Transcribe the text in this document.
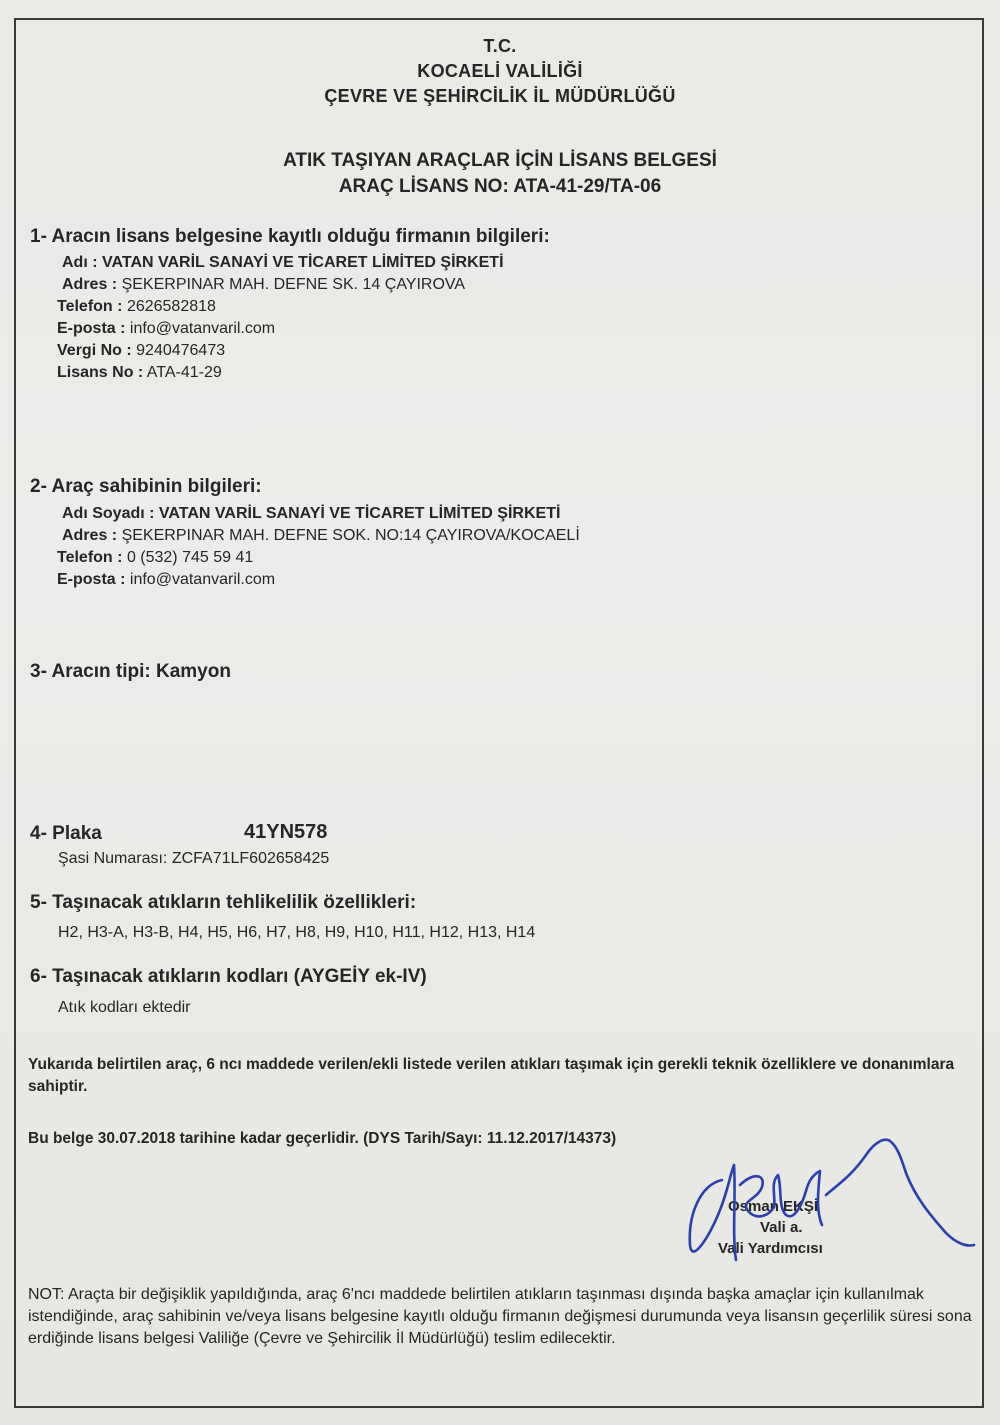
T.C.
KOCAELİ VALİLİĞİ
ÇEVRE VE ŞEHİRCİLİK İL MÜDÜRLÜĞÜ
ATIK TAŞIYAN ARAÇLAR İÇİN LİSANS BELGESİ
ARAÇ LİSANS NO: ATA-41-29/TA-06
1- Aracın lisans belgesine kayıtlı olduğu firmanın bilgileri:
Adı : VATAN VARİL SANAYİ VE TİCARET LİMİTED ŞİRKETİ
Adres : ŞEKERPINAR MAH. DEFNE SK. 14 ÇAYIROVA
Telefon : 2626582818
E-posta : info@vatanvaril.com
Vergi No : 9240476473
Lisans No : ATA-41-29
2- Araç sahibinin bilgileri:
Adı Soyadı : VATAN VARİL SANAYİ VE TİCARET LİMİTED ŞİRKETİ
Adres : ŞEKERPINAR MAH. DEFNE SOK. NO:14 ÇAYIROVA/KOCAELİ
Telefon : 0 (532) 745 59 41
E-posta : info@vatanvaril.com
3- Aracın tipi: Kamyon
4- Plaka	41YN578
Şasi Numarası: ZCFA71LF602658425
5- Taşınacak atıkların tehlikelilik özellikleri:
H2, H3-A, H3-B, H4, H5, H6, H7, H8, H9, H10, H11, H12, H13, H14
6- Taşınacak atıkların kodları (AYGEİY ek-IV)
Atık kodları ektedir
Yukarıda belirtilen araç, 6 ncı maddede verilen/ekli listede verilen atıkları taşımak için gerekli teknik özelliklere ve donanımlara sahiptir.
Bu belge 30.07.2018 tarihine kadar geçerlidir. (DYS Tarih/Sayı: 11.12.2017/14373)
Osman EKŞİ
Vali a.
Vali Yardımcısı
NOT: Araçta bir değişiklik yapıldığında, araç 6'ncı maddede belirtilen atıkların taşınması dışında başka amaçlar için kullanılmak istendiğinde, araç sahibinin ve/veya lisans belgesine kayıtlı olduğu firmanın değişmesi durumunda veya lisansın geçerlilik süresi sona erdiğinde lisans belgesi Valiliğe (Çevre ve Şehircilik İl Müdürlüğü) teslim edilecektir.
